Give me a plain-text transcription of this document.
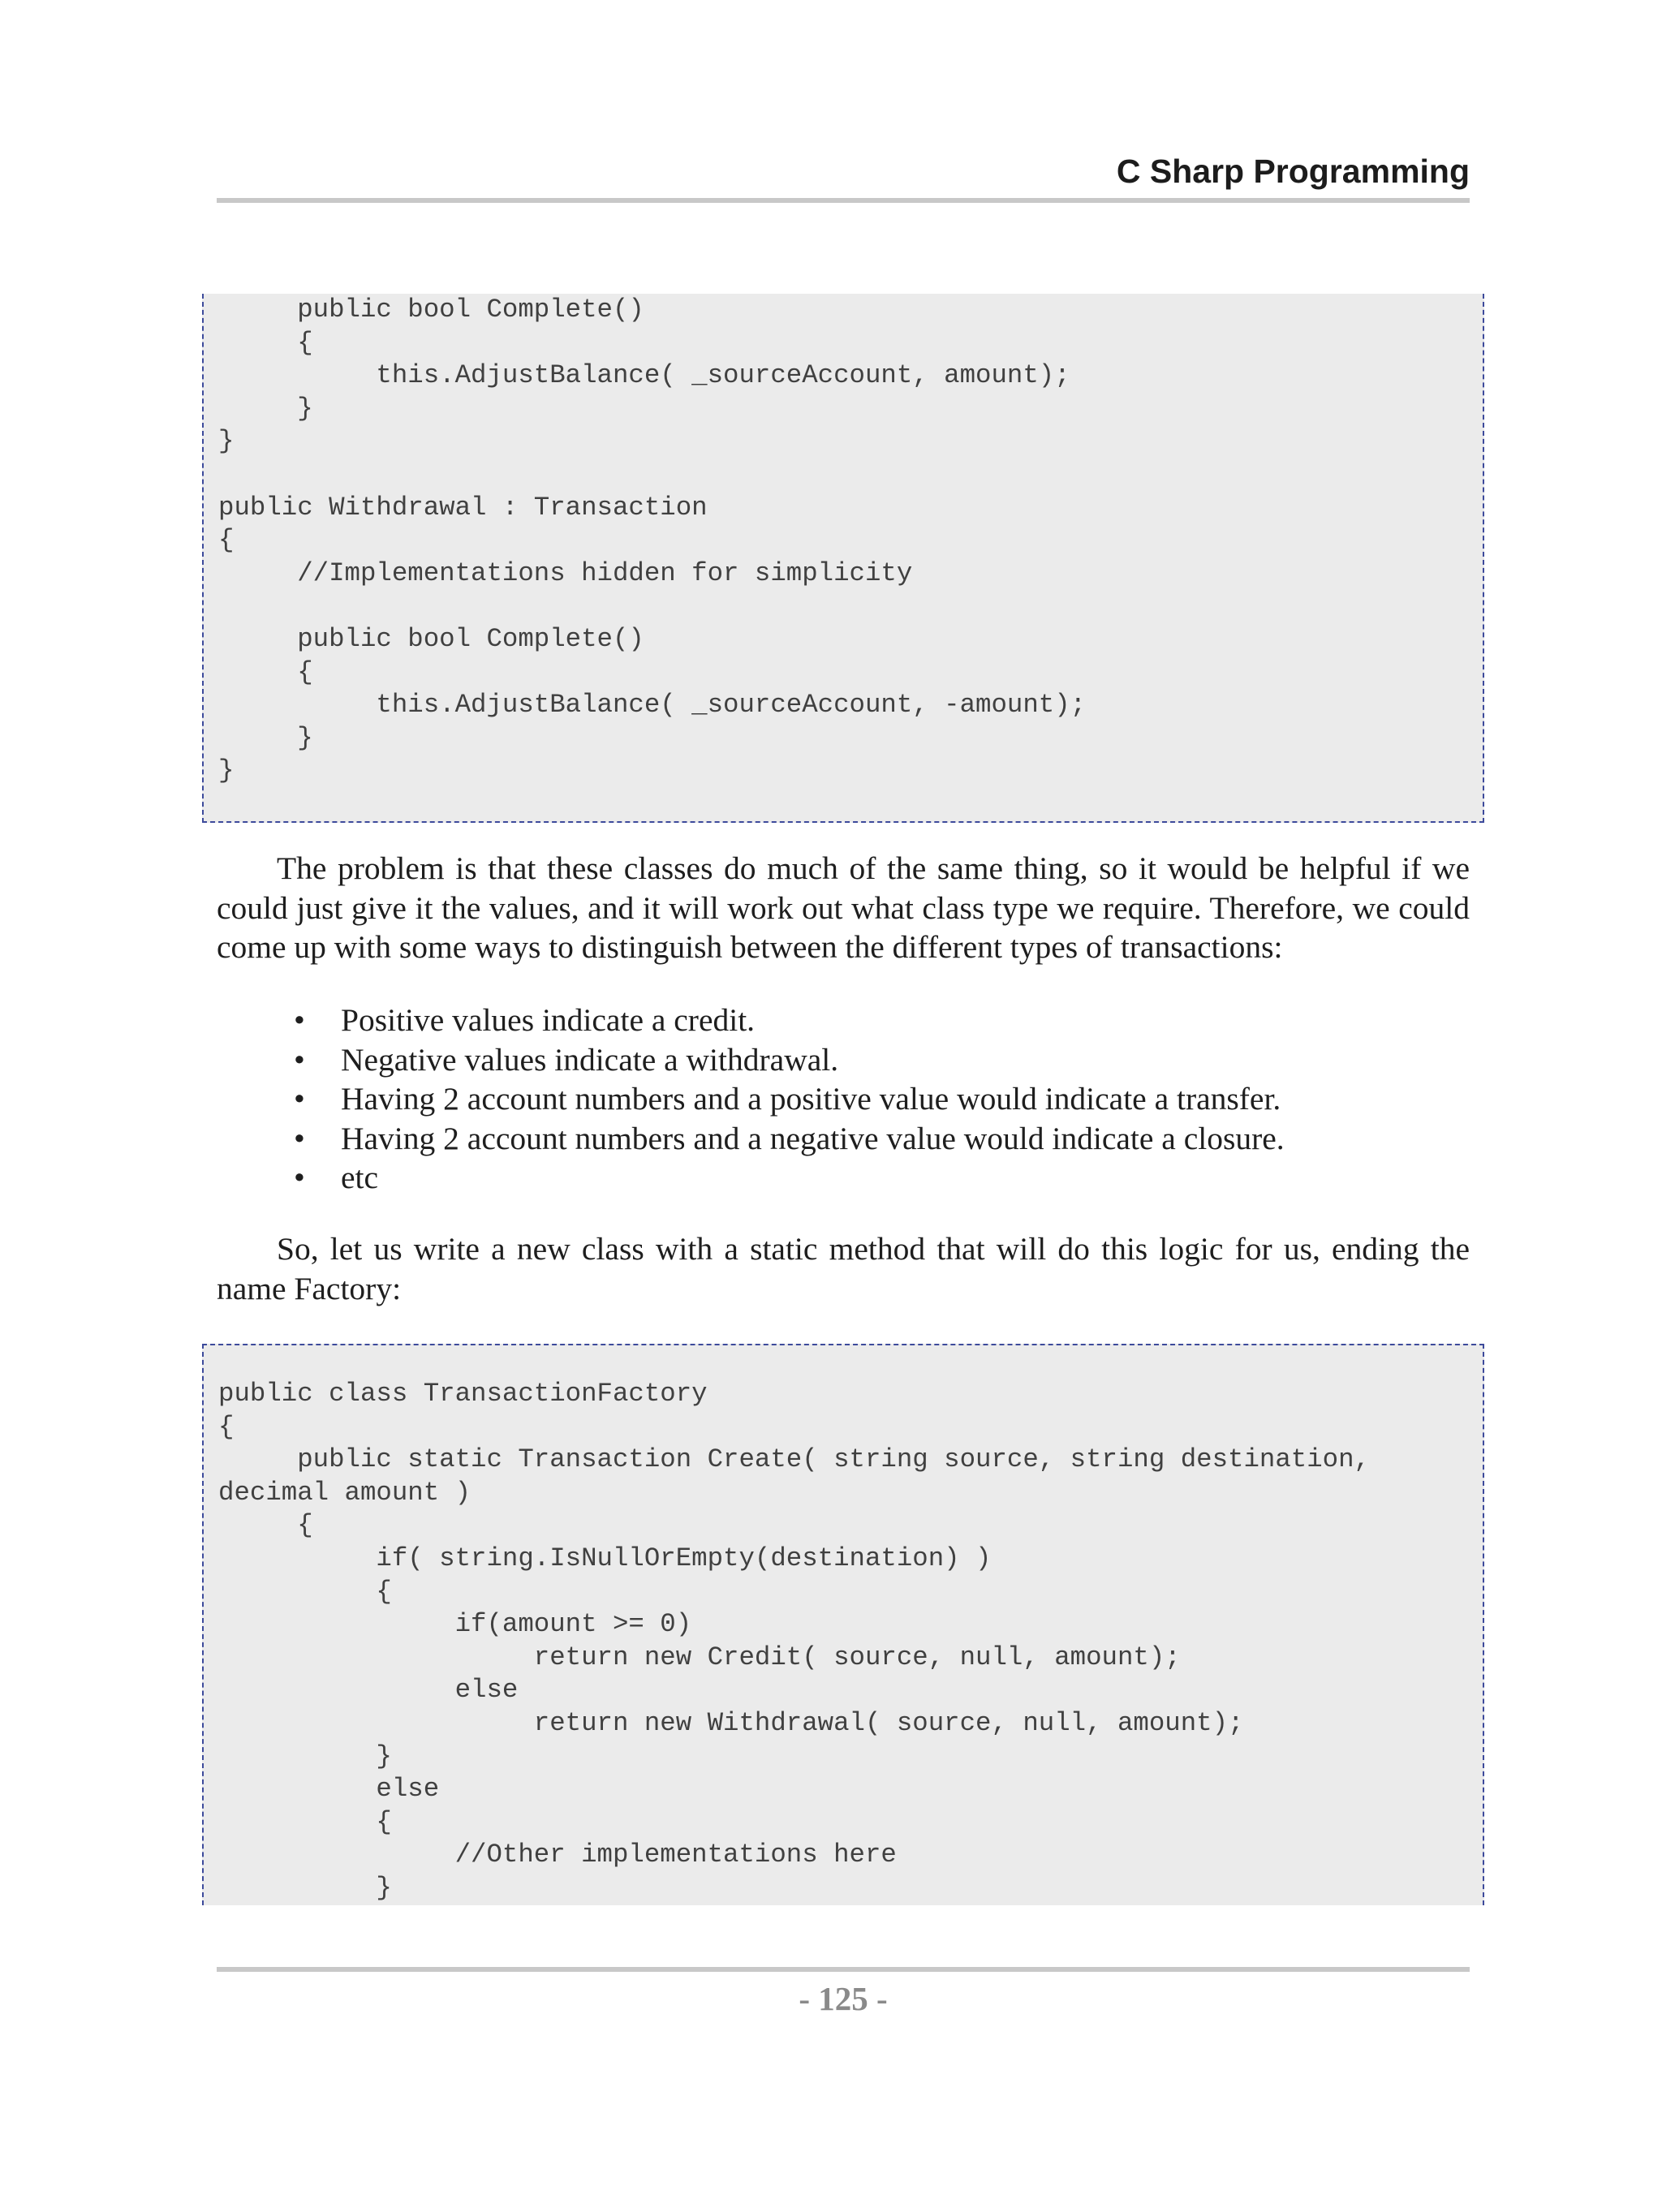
C Sharp Programming
public bool Complete()
{
this.AdjustBalance( _sourceAccount, amount);
}
}

public Withdrawal : Transaction
{
//Implementations hidden for simplicity

public bool Complete()
{
this.AdjustBalance( _sourceAccount, -amount);
}
}

The problem is that these classes do much of the same thing, so it would be helpful if we could just give it the values, and it will work out what class type we require. Therefore, we could come up with some ways to distinguish between the different types of transactions:

• Positive values indicate a credit.
• Negative values indicate a withdrawal.
• Having 2 account numbers and a positive value would indicate a transfer.
• Having 2 account numbers and a negative value would indicate a closure.
• etc

So, let us write a new class with a static method that will do this logic for us, ending the name Factory:

public class TransactionFactory
{
public static Transaction Create( string source, string destination,
decimal amount )
{
if( string.IsNullOrEmpty(destination) )
{
if(amount >= 0)
return new Credit( source, null, amount);
else
return new Withdrawal( source, null, amount);
}
else
{
//Other implementations here
}

- 125 -
